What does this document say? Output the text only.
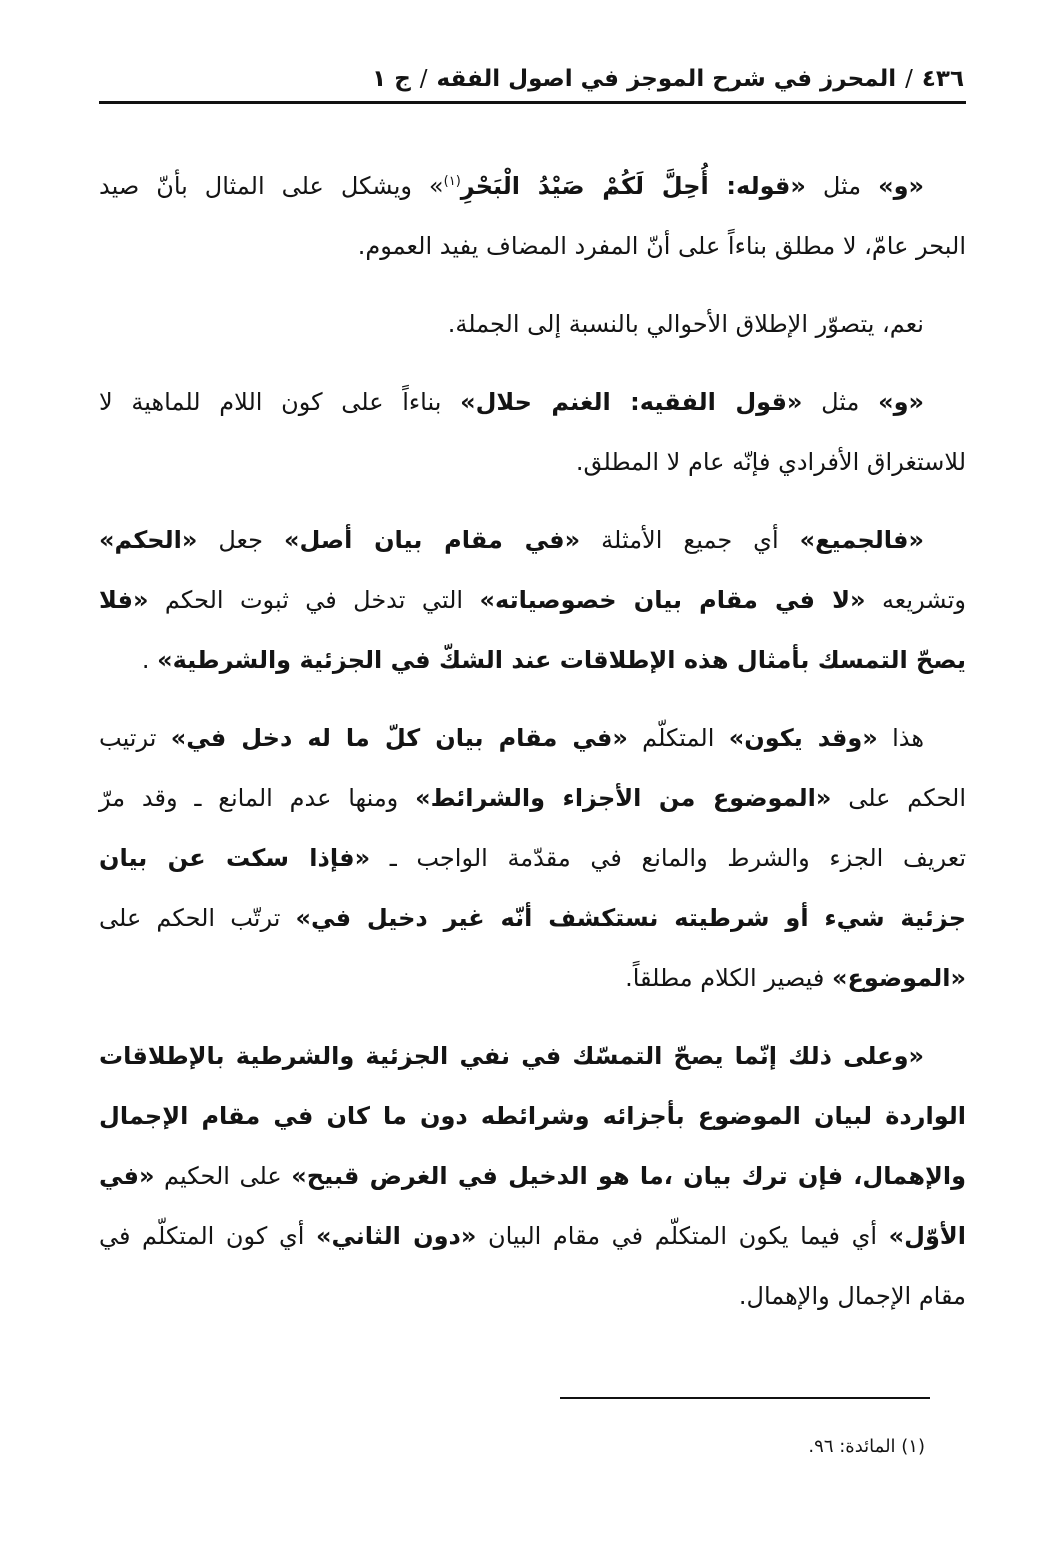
٤٣٦/المحرز في شرح الموجز في اصول الفقه/ج ١
«و» مثل «قوله: أُحِلَّ لَكُمْ صَيْدُ الْبَحْرِ$^{(١)}$» ويشكل على المثال بأنّ صيد
البحر عامّ، لا مطلق بناءاً على أنّ المفرد المضاف يفيد العموم.
نعم، يتصوّر الإطلاق الأحوالي بالنسبة إلى الجملة.
«و» مثل «قول الفقيه: الغنم حلال» بناءاً على كون اللام للماهية لا
للاستغراق الأفرادي فإنّه عام لا المطلق.
«فالجميع» أي جميع الأمثلة «في مقام بيان أصل» جعل «الحكم»
وتشريعه «لا في مقام بيان خصوصياته» التي تدخل في ثبوت الحكم «فلا
يصحّ التمسك بأمثال هذه الإطلاقات عند الشكّ في الجزئية والشرطية» .
هذا «وقد يكون» المتكلّم «في مقام بيان كلّ ما له دخل في» ترتيب
الحكم على «الموضوع من الأجزاء والشرائط» ومنها عدم المانع ـ وقد مرّ
تعريف الجزء والشرط والمانع في مقدّمة الواجب ـ «فإذا سكت عن بيان
جزئية شيء أو شرطيته نستكشف أنّه غير دخيل في» ترتّب الحكم على
«الموضوع» فيصير الكلام مطلقاً.
«وعلى ذلك إنّما يصحّ التمسّك في نفي الجزئية والشرطية بالإطلاقات
الواردة لبيان الموضوع بأجزائه وشرائطه دون ما كان في مقام الإجمال
والإهمال، فإن ترك بيان ،ما هو الدخيل في الغرض قبيح» على الحكيم «في
الأوّل» أي فيما يكون المتكلّم في مقام البيان «دون الثاني» أي كون المتكلّم في
مقام الإجمال والإهمال.
(١) المائدة: ٩٦.
